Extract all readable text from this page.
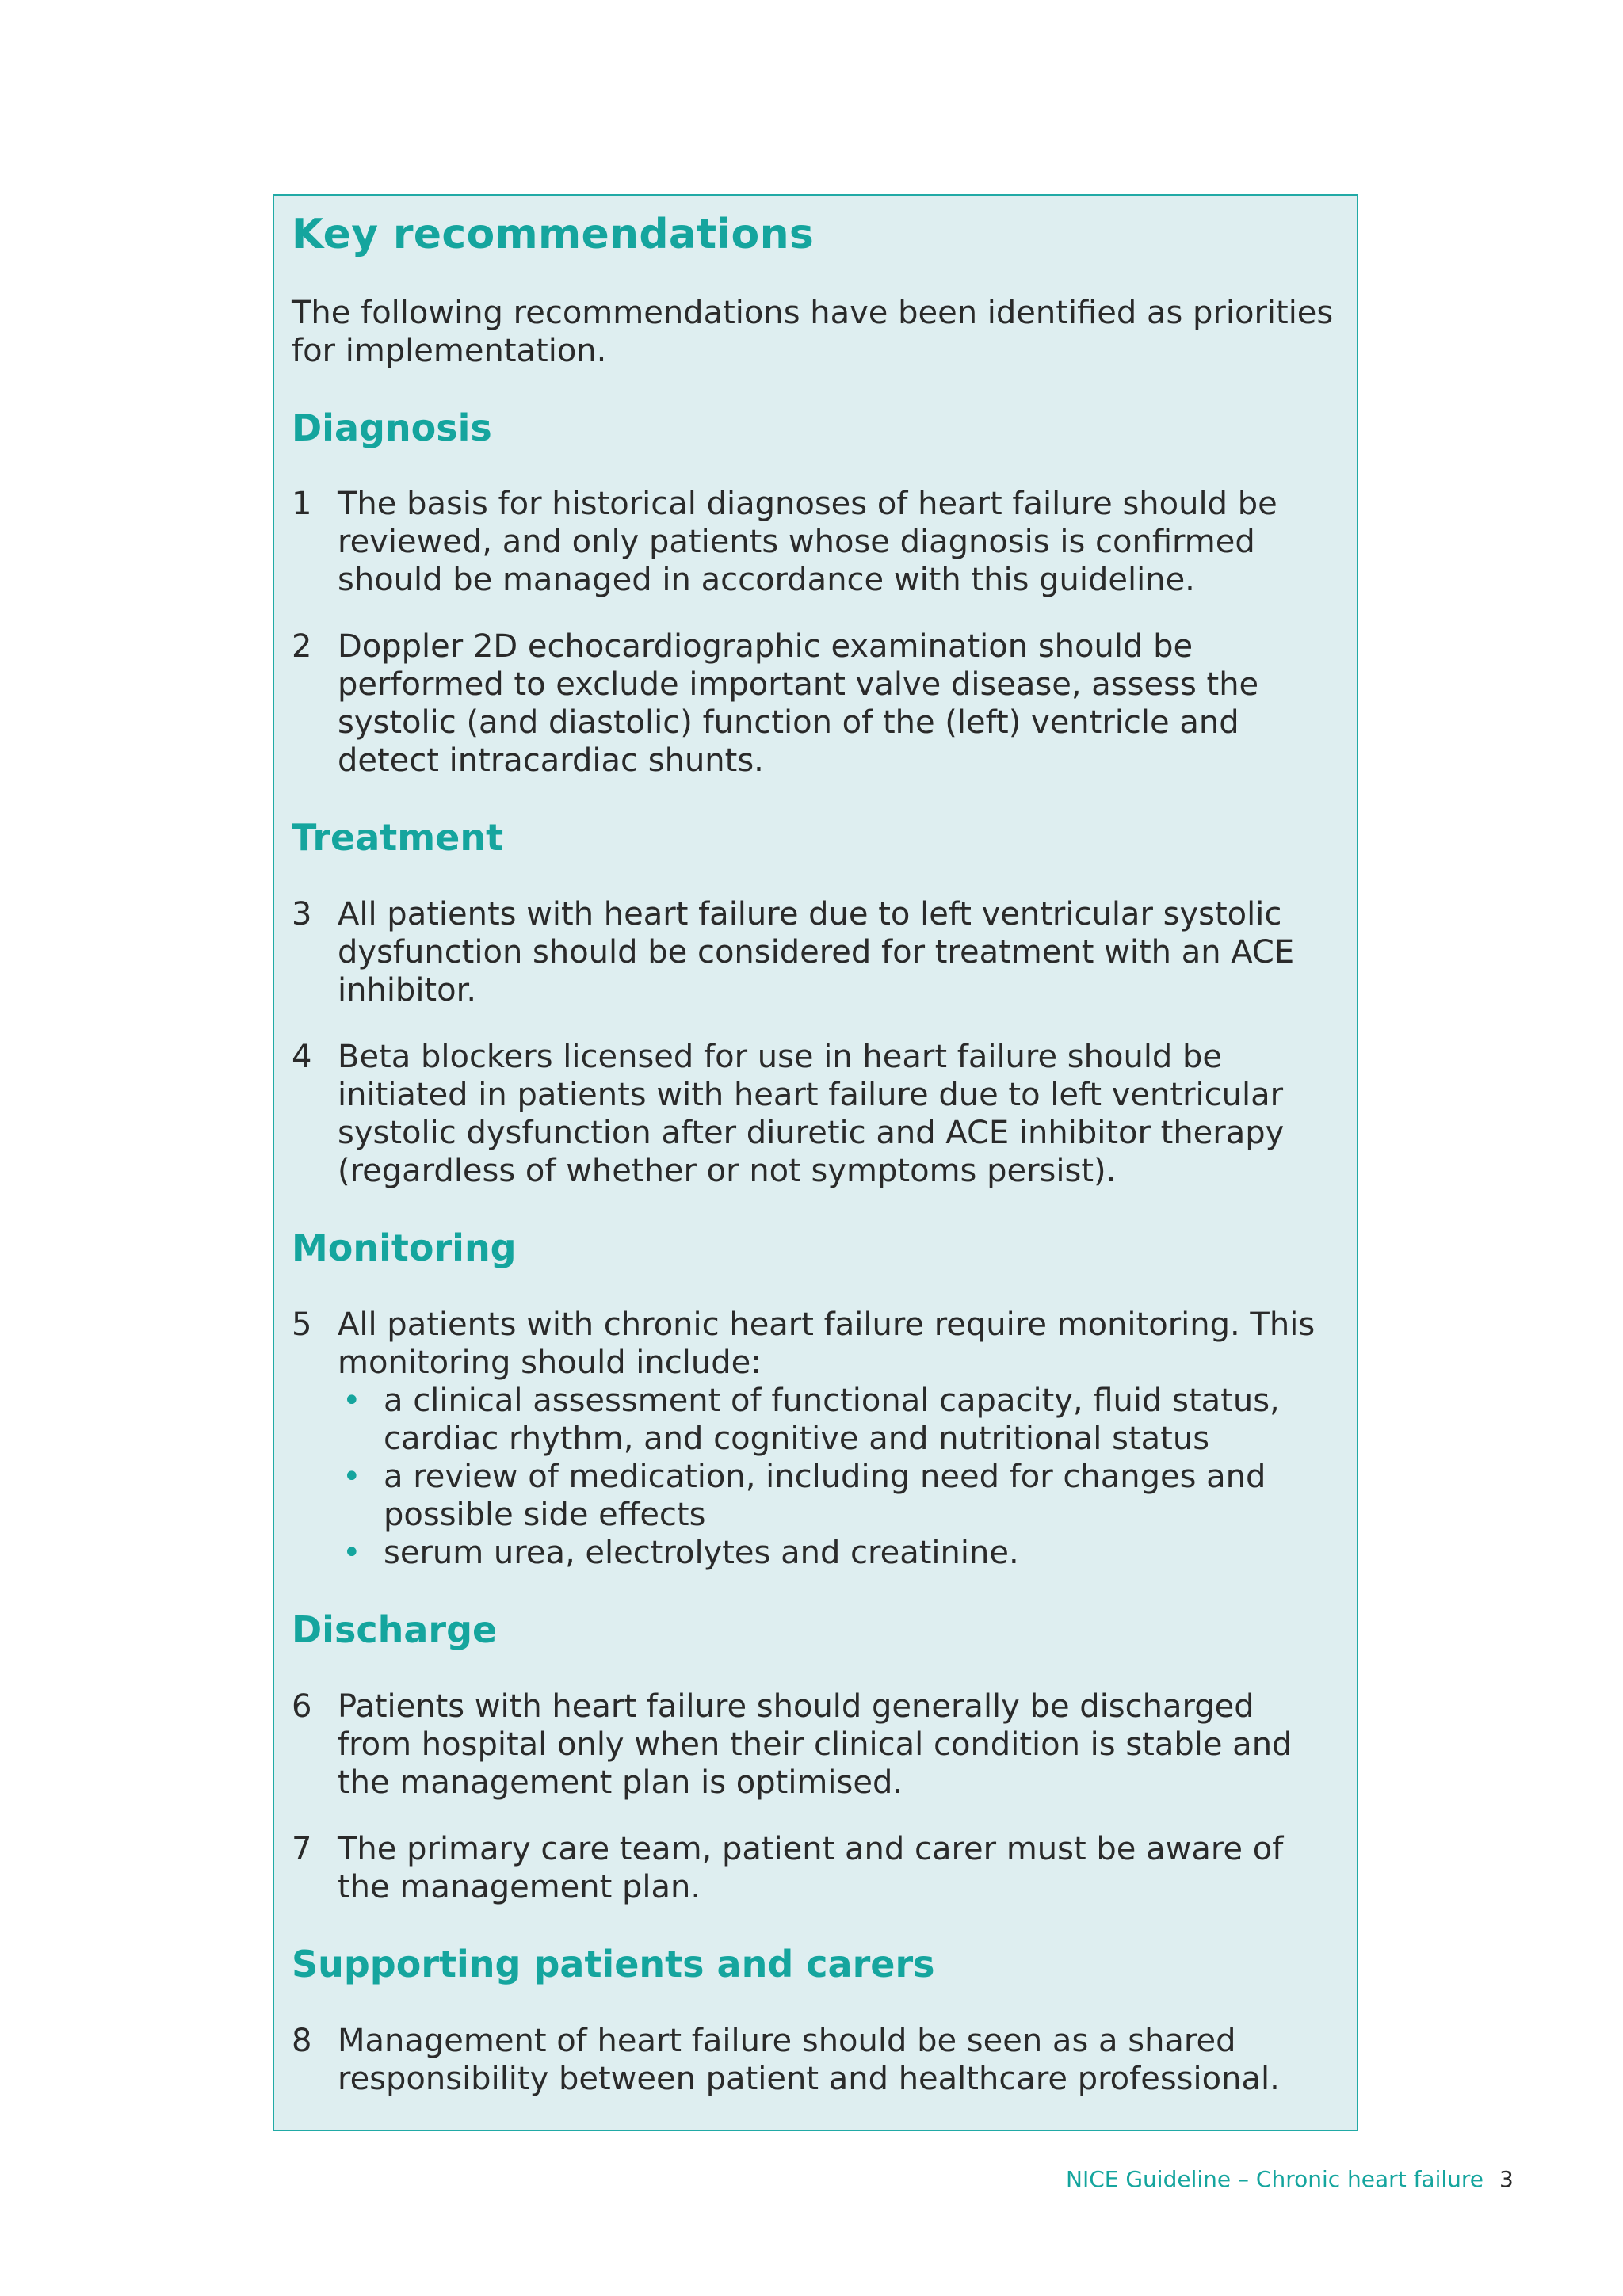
Key recommendations

The following recommendations have been identified as priorities for implementation.

Diagnosis
1 The basis for historical diagnoses of heart failure should be reviewed, and only patients whose diagnosis is confirmed should be managed in accordance with this guideline.
2 Doppler 2D echocardiographic examination should be performed to exclude important valve disease, assess the systolic (and diastolic) function of the (left) ventricle and detect intracardiac shunts.
Treatment
3 All patients with heart failure due to left ventricular systolic dysfunction should be considered for treatment with an ACE inhibitor.
4 Beta blockers licensed for use in heart failure should be initiated in patients with heart failure due to left ventricular systolic dysfunction after diuretic and ACE inhibitor therapy (regardless of whether or not symptoms persist).
Monitoring
5 All patients with chronic heart failure require monitoring. This monitoring should include:
• a clinical assessment of functional capacity, fluid status, cardiac rhythm, and cognitive and nutritional status
• a review of medication, including need for changes and possible side effects
• serum urea, electrolytes and creatinine.
Discharge
6 Patients with heart failure should generally be discharged from hospital only when their clinical condition is stable and the management plan is optimised.
7 The primary care team, patient and carer must be aware of the management plan.
Supporting patients and carers
8 Management of heart failure should be seen as a shared responsibility between patient and healthcare professional.
NICE Guideline – Chronic heart failure 3
